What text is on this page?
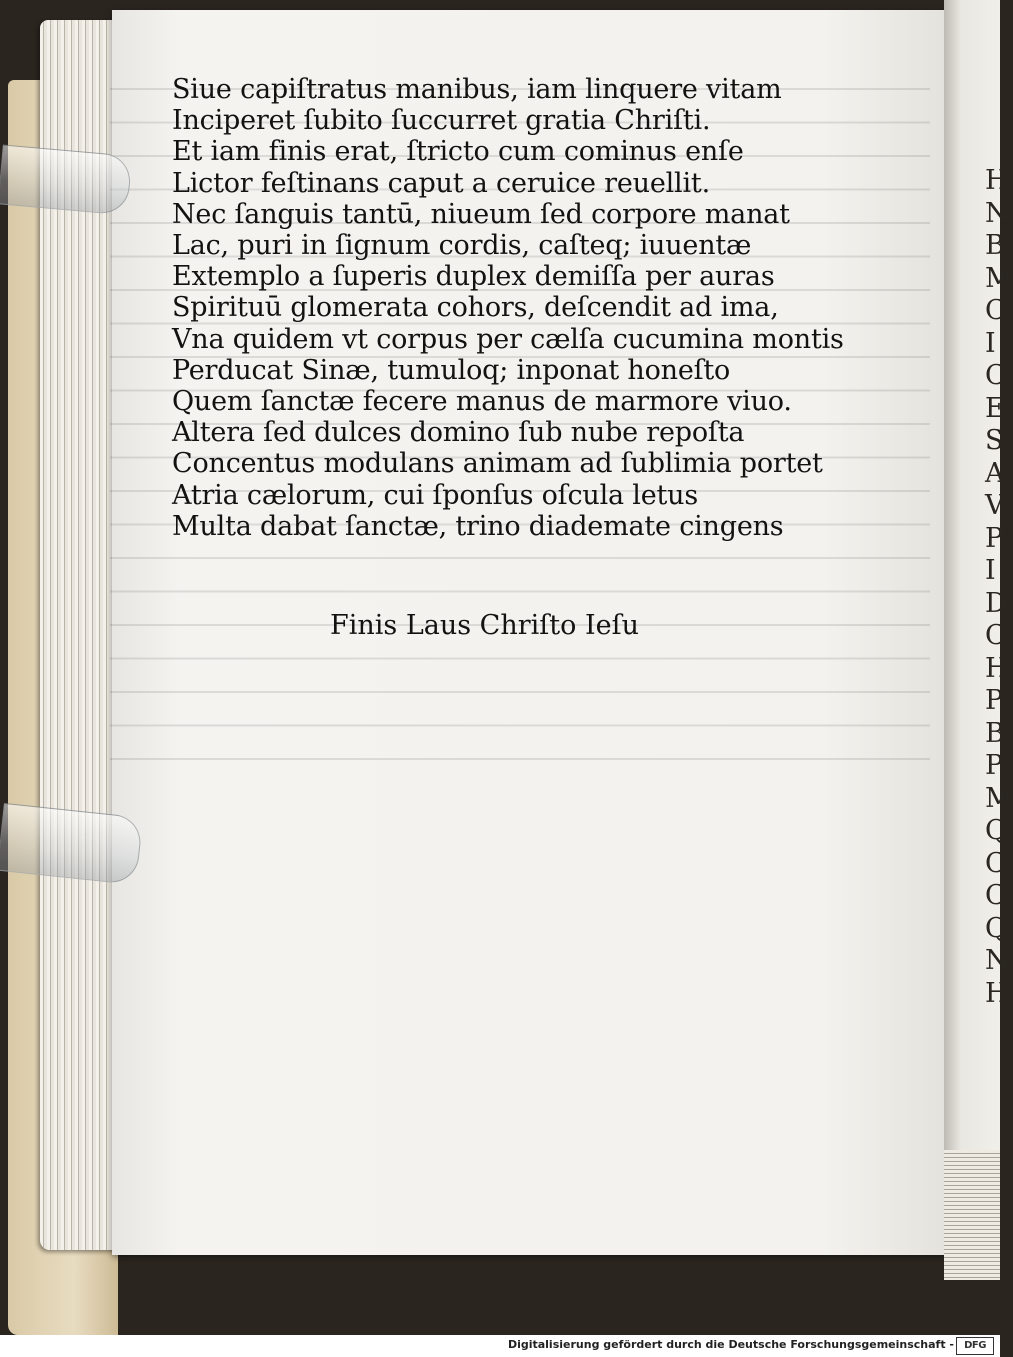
H
N
B
M
C
I
C
E
S
A
V
P
I
D
C
H
P
B
P
M
Q
C
C
Q
N
H
Siue capiſtratus manibus, iam linquere vitam
Inciperet ſubito ſuccurret gratia Chriſti.
Et iam finis erat, ſtricto cum cominus enſe
Lictor feſtinans caput a ceruice reuellit.
Nec ſanguis tantū, niueum ſed corpore manat
Lac, puri in ſignum cordis, caſteq; iuuentæ
Extemplo a ſuperis duplex demiſſa per auras
Spirituū glomerata cohors, deſcendit ad ima,
Vna quidem vt corpus per cælſa cucumina montis
Perducat Sinæ, tumuloq; inponat honeſto
Quem ſanctæ fecere manus de marmore viuo.
Altera ſed dulces domino ſub nube repoſta
Concentus modulans animam ad ſublimia portet
Atria cælorum, cui ſponſus oſcula letus
Multa dabat ſanctæ, trino diademate cingens
Finis Laus Chriſto Ieſu
Digitalisierung gefördert durch die Deutsche Forschungsgemeinschaft -	DFG
